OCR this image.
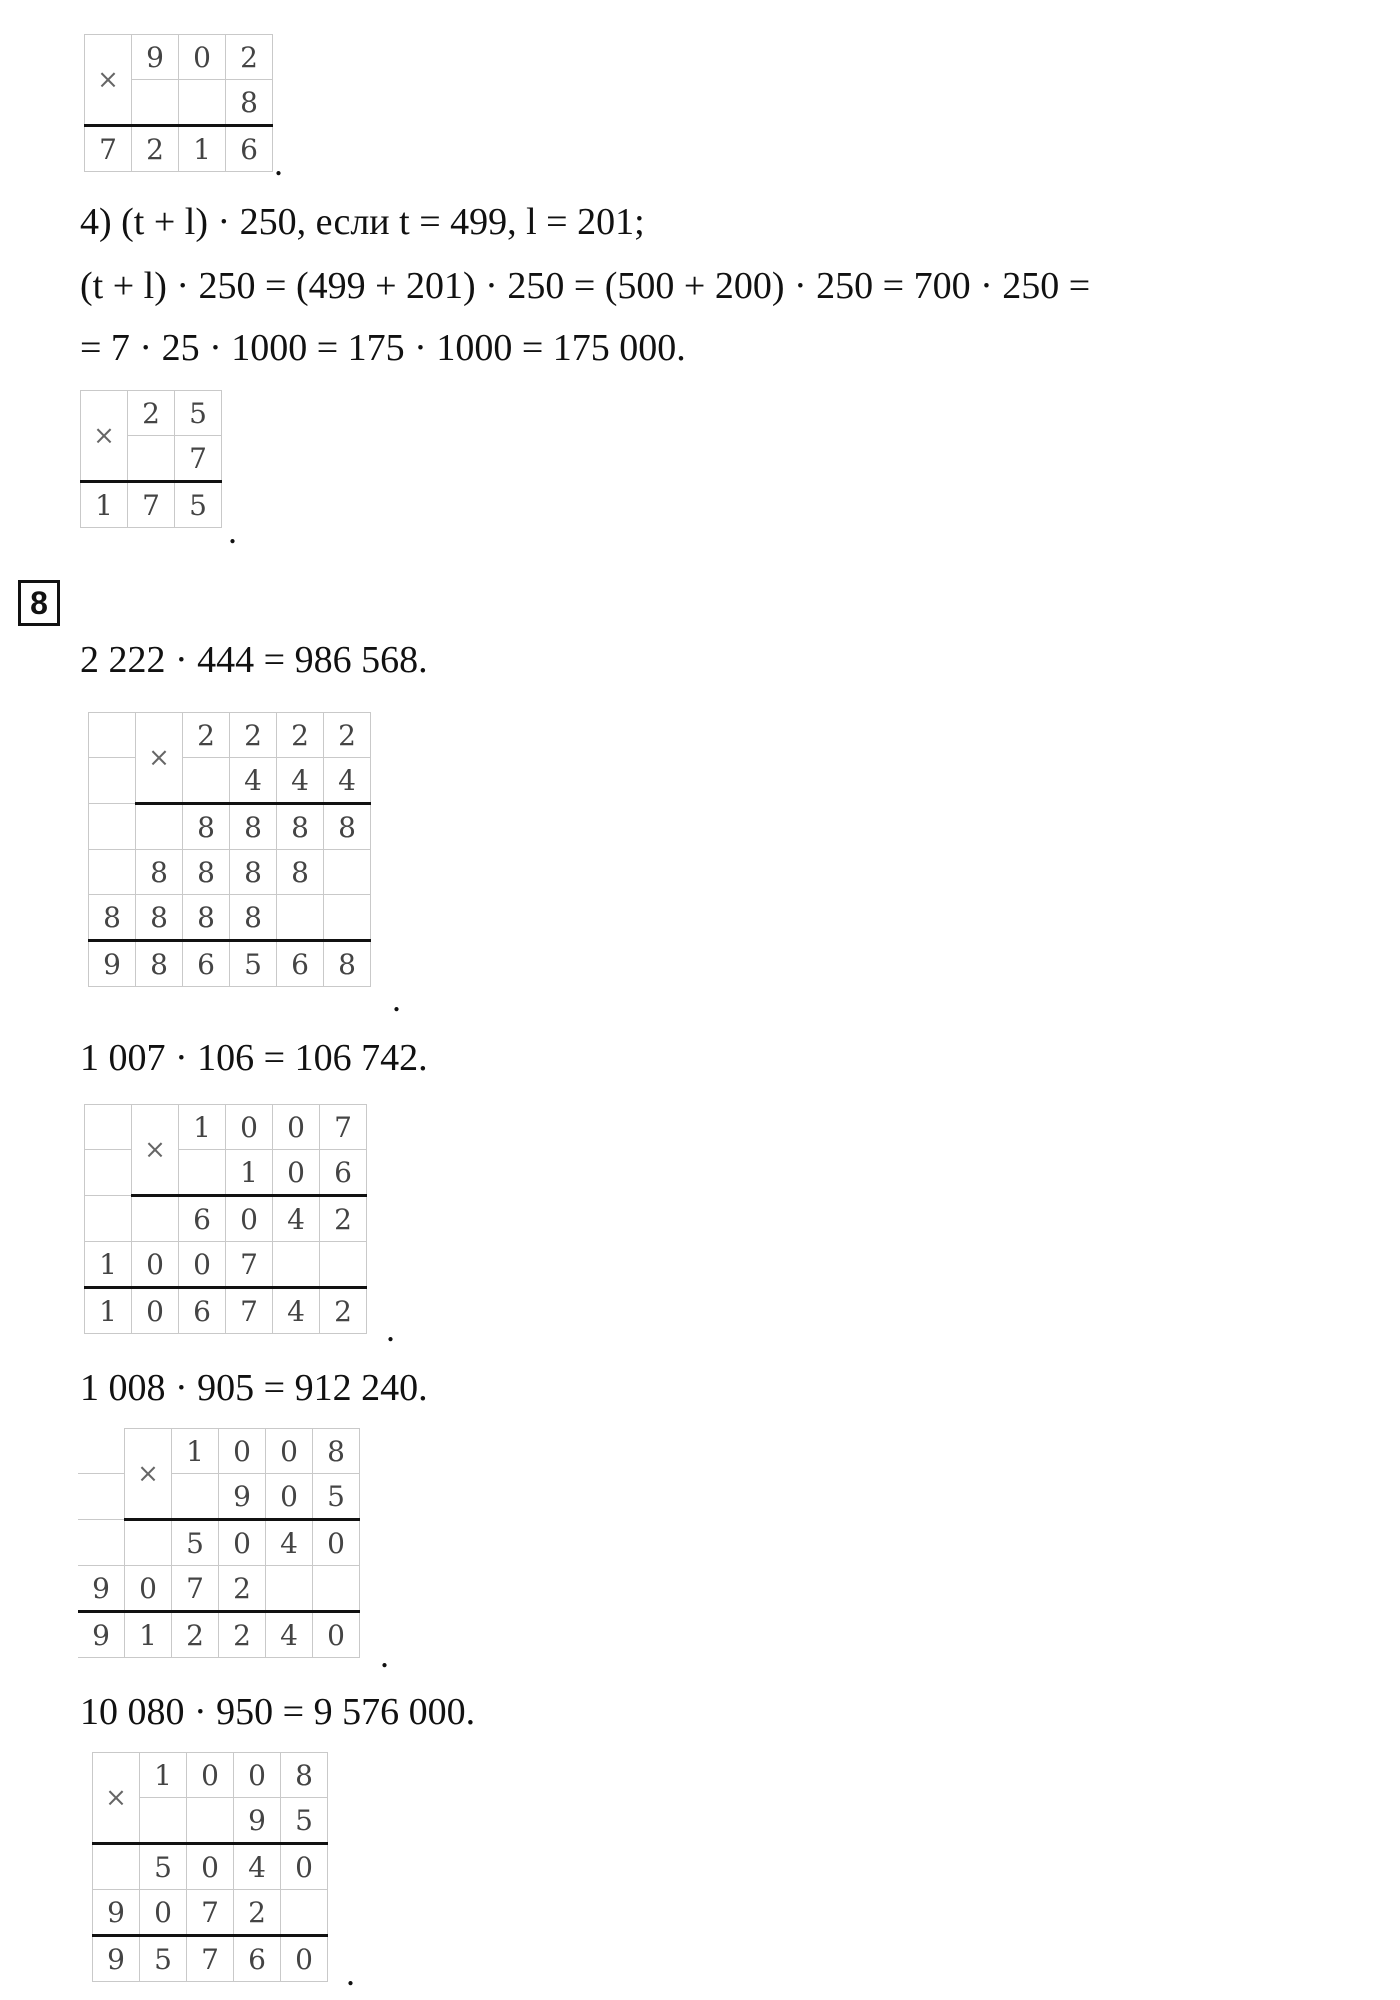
×	9	0	2
			8
7	2	1	6 .
4) (t + l) · 250, если t = 499, l = 201;
(t + l) · 250 = (499 + 201) · 250 = (500 + 200) · 250 = 700 · 250 =
= 7 · 25 · 1000 = 175 · 1000 = 175 000.
×	2	5
		7
1	7	5
.
8
2 222 · 444 = 986 568.
	×	2	2	2	2
			4	4	4
		8	8	8	8
	8	8	8	8	
8	8	8	8		
9	8	6	5	6	8
.
1 007 · 106 = 106 742.
	×	1	0	0	7
			1	0	6
		6	0	4	2
1	0	0	7		
1	0	6	7	4	2 .
1 008 · 905 = 912 240.
	×	1	0	0	8
			9	0	5
		5	0	4	0
9	0	7	2		
9	1	2	2	4	0 .
10 080 · 950 = 9 576 000.
×	1	0	0	8
			9	5
	5	0	4	0
9	0	7	2	
9	5	7	6	0 .
